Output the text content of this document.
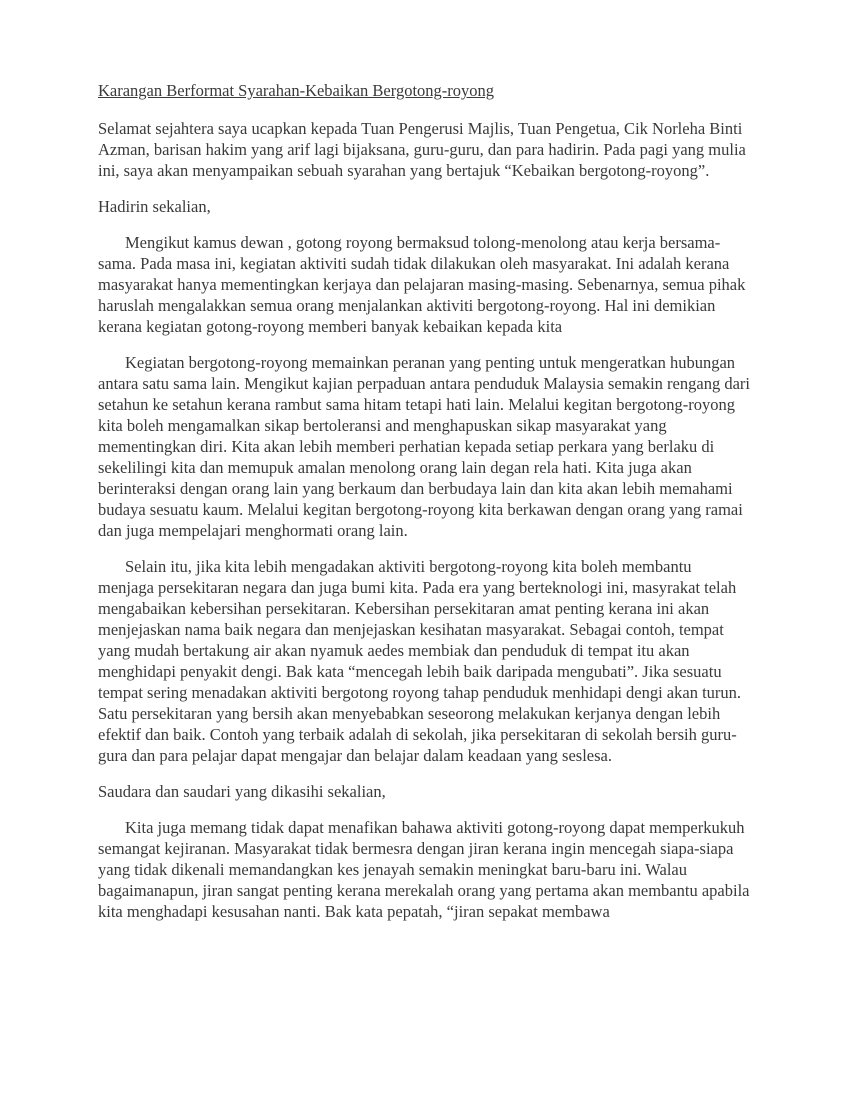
Karangan Berformat Syarahan-Kebaikan Bergotong-royong

Selamat sejahtera saya ucapkan kepada Tuan Pengerusi Majlis, Tuan Pengetua, Cik Norleha Binti Azman, barisan hakim yang arif lagi bijaksana, guru-guru, dan para hadirin. Pada pagi yang mulia ini, saya akan menyampaikan sebuah syarahan yang bertajuk “Kebaikan bergotong-royong”.

Hadirin sekalian,

Mengikut kamus dewan , gotong royong bermaksud tolong-menolong atau kerja bersama-sama. Pada masa ini, kegiatan aktiviti sudah tidak dilakukan oleh masyarakat. Ini adalah kerana masyarakat hanya mementingkan kerjaya dan pelajaran masing-masing. Sebenarnya, semua pihak haruslah mengalakkan semua orang menjalankan aktiviti bergotong-royong. Hal ini demikian kerana kegiatan gotong-royong memberi banyak kebaikan kepada kita

Kegiatan bergotong-royong memainkan peranan yang penting untuk mengeratkan hubungan antara satu sama lain. Mengikut kajian perpaduan antara penduduk Malaysia semakin rengang dari setahun ke setahun kerana rambut sama hitam tetapi hati lain. Melalui kegitan bergotong-royong kita boleh mengamalkan sikap bertoleransi and menghapuskan sikap masyarakat yang mementingkan diri. Kita akan lebih memberi perhatian kepada setiap perkara yang berlaku di sekelilingi kita dan memupuk amalan menolong orang lain degan rela hati. Kita juga akan berinteraksi dengan orang lain yang berkaum dan berbudaya lain dan kita akan lebih memahami budaya sesuatu kaum. Melalui kegitan bergotong-royong kita berkawan dengan orang yang ramai dan juga mempelajari menghormati orang lain.

Selain itu, jika kita lebih mengadakan aktiviti bergotong-royong kita boleh membantu menjaga persekitaran negara dan juga bumi kita. Pada era yang berteknologi ini, masyrakat telah mengabaikan kebersihan persekitaran. Kebersihan persekitaran amat penting kerana ini akan menjejaskan nama baik negara dan menjejaskan kesihatan masyarakat. Sebagai contoh, tempat yang mudah bertakung air akan nyamuk aedes membiak dan penduduk di tempat itu akan menghidapi penyakit dengi. Bak kata “mencegah lebih baik daripada mengubati”. Jika sesuatu tempat sering menadakan aktiviti bergotong royong tahap penduduk menhidapi dengi akan turun. Satu persekitaran yang bersih akan menyebabkan seseorong melakukan kerjanya dengan lebih efektif dan baik. Contoh yang terbaik adalah di sekolah, jika persekitaran di sekolah bersih guru-gura dan para pelajar dapat mengajar dan belajar dalam keadaan yang seslesa.

Saudara dan saudari yang dikasihi sekalian,

Kita juga memang tidak dapat menafikan bahawa aktiviti gotong-royong dapat memperkukuh semangat kejiranan. Masyarakat tidak bermesra dengan jiran kerana ingin mencegah siapa-siapa yang tidak dikenali memandangkan kes jenayah semakin meningkat baru-baru ini. Walau bagaimanapun, jiran sangat penting kerana merekalah orang yang pertama akan membantu apabila kita menghadapi kesusahan nanti. Bak kata pepatah, “jiran sepakat membawa
